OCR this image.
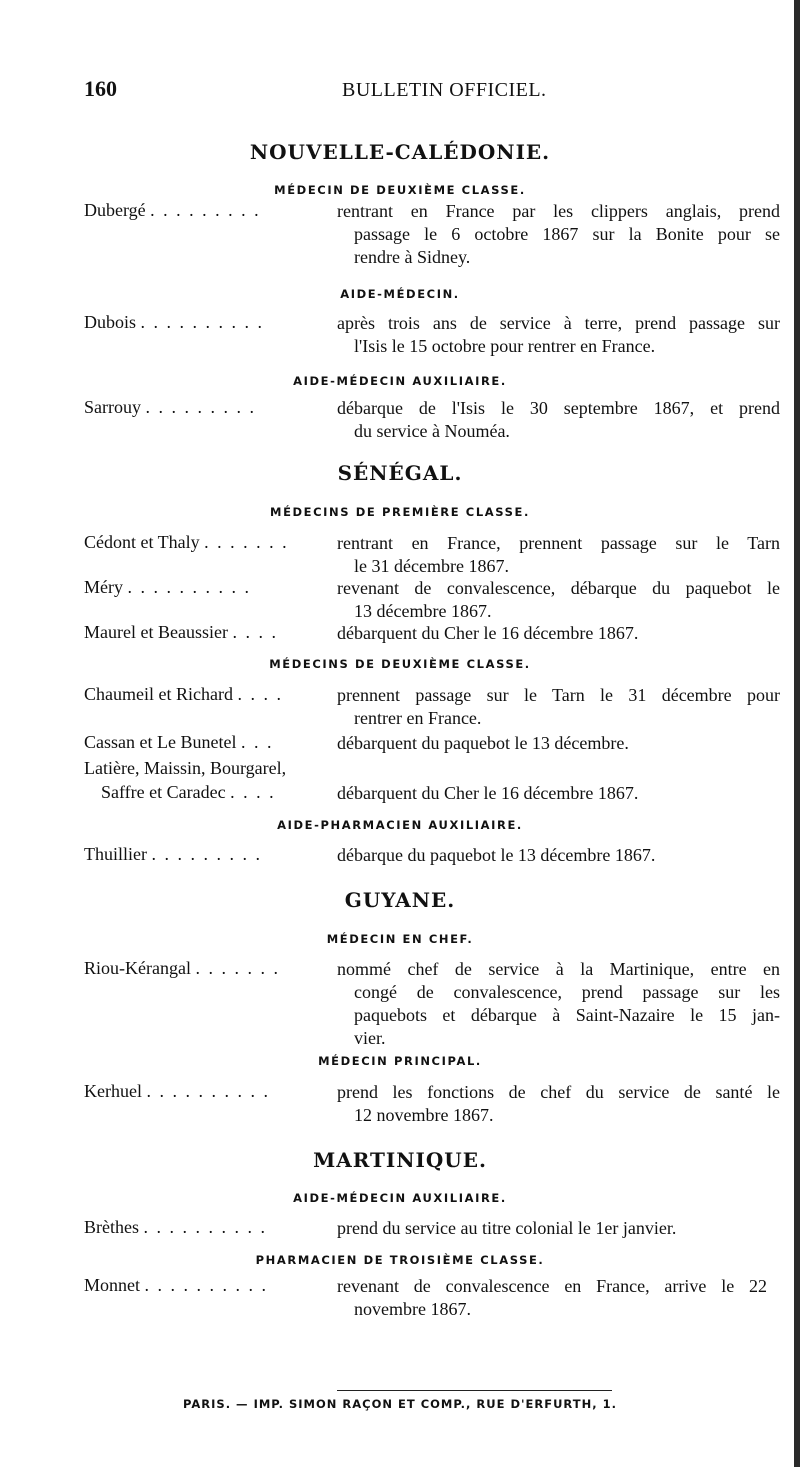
160	BULLETIN OFFICIEL.
NOUVELLE-CALÉDONIE.
MÉDECIN DE DEUXIÈME CLASSE.
Dubergé . . . . . . . . .	rentrant en France par les clippers anglais, prend
passage le 6 octobre 1867 sur la Bonite pour se
rendre à Sidney.
AIDE-MÉDECIN.
Dubois . . . . . . . . . .	après trois ans de service à terre, prend passage sur
l'Isis le 15 octobre pour rentrer en France.
AIDE-MÉDECIN AUXILIAIRE.
Sarrouy . . . . . . . . .	débarque de l'Isis le 30 septembre 1867, et prend
du service à Nouméa.
SÉNÉGAL.
MÉDECINS DE PREMIÈRE CLASSE.
Cédont et Thaly . . . . . . .	rentrant en France, prennent passage sur le Tarn
le 31 décembre 1867.
Méry . . . . . . . . . .	revenant de convalescence, débarque du paquebot le
13 décembre 1867.
Maurel et Beaussier . . . .	débarquent du Cher le 16 décembre 1867.
MÉDECINS DE DEUXIÈME CLASSE.
Chaumeil et Richard . . . .	prennent passage sur le Tarn le 31 décembre pour
rentrer en France.
Cassan et Le Bunetel . . .	débarquent du paquebot le 13 décembre.
Latière, Maissin, Bourgarel,
Saffre et Caradec . . . .	débarquent du Cher le 16 décembre 1867.
AIDE-PHARMACIEN AUXILIAIRE.
Thuillier . . . . . . . . .	débarque du paquebot le 13 décembre 1867.
GUYANE.
MÉDECIN EN CHEF.
Riou-Kérangal . . . . . . .	nommé chef de service à la Martinique, entre en
congé de convalescence, prend passage sur les
paquebots et débarque à Saint-Nazaire le 15 jan-
vier.
MÉDECIN PRINCIPAL.
Kerhuel . . . . . . . . . .	prend les fonctions de chef du service de santé le
12 novembre 1867.
MARTINIQUE.
AIDE-MÉDECIN AUXILIAIRE.
Brèthes . . . . . . . . . .	prend du service au titre colonial le 1er janvier.
PHARMACIEN DE TROISIÈME CLASSE.
Monnet . . . . . . . . . .	revenant de convalescence en France, arrive le 22
novembre 1867.
PARIS. — IMP. SIMON RAÇON ET COMP., RUE D'ERFURTH, 1.
